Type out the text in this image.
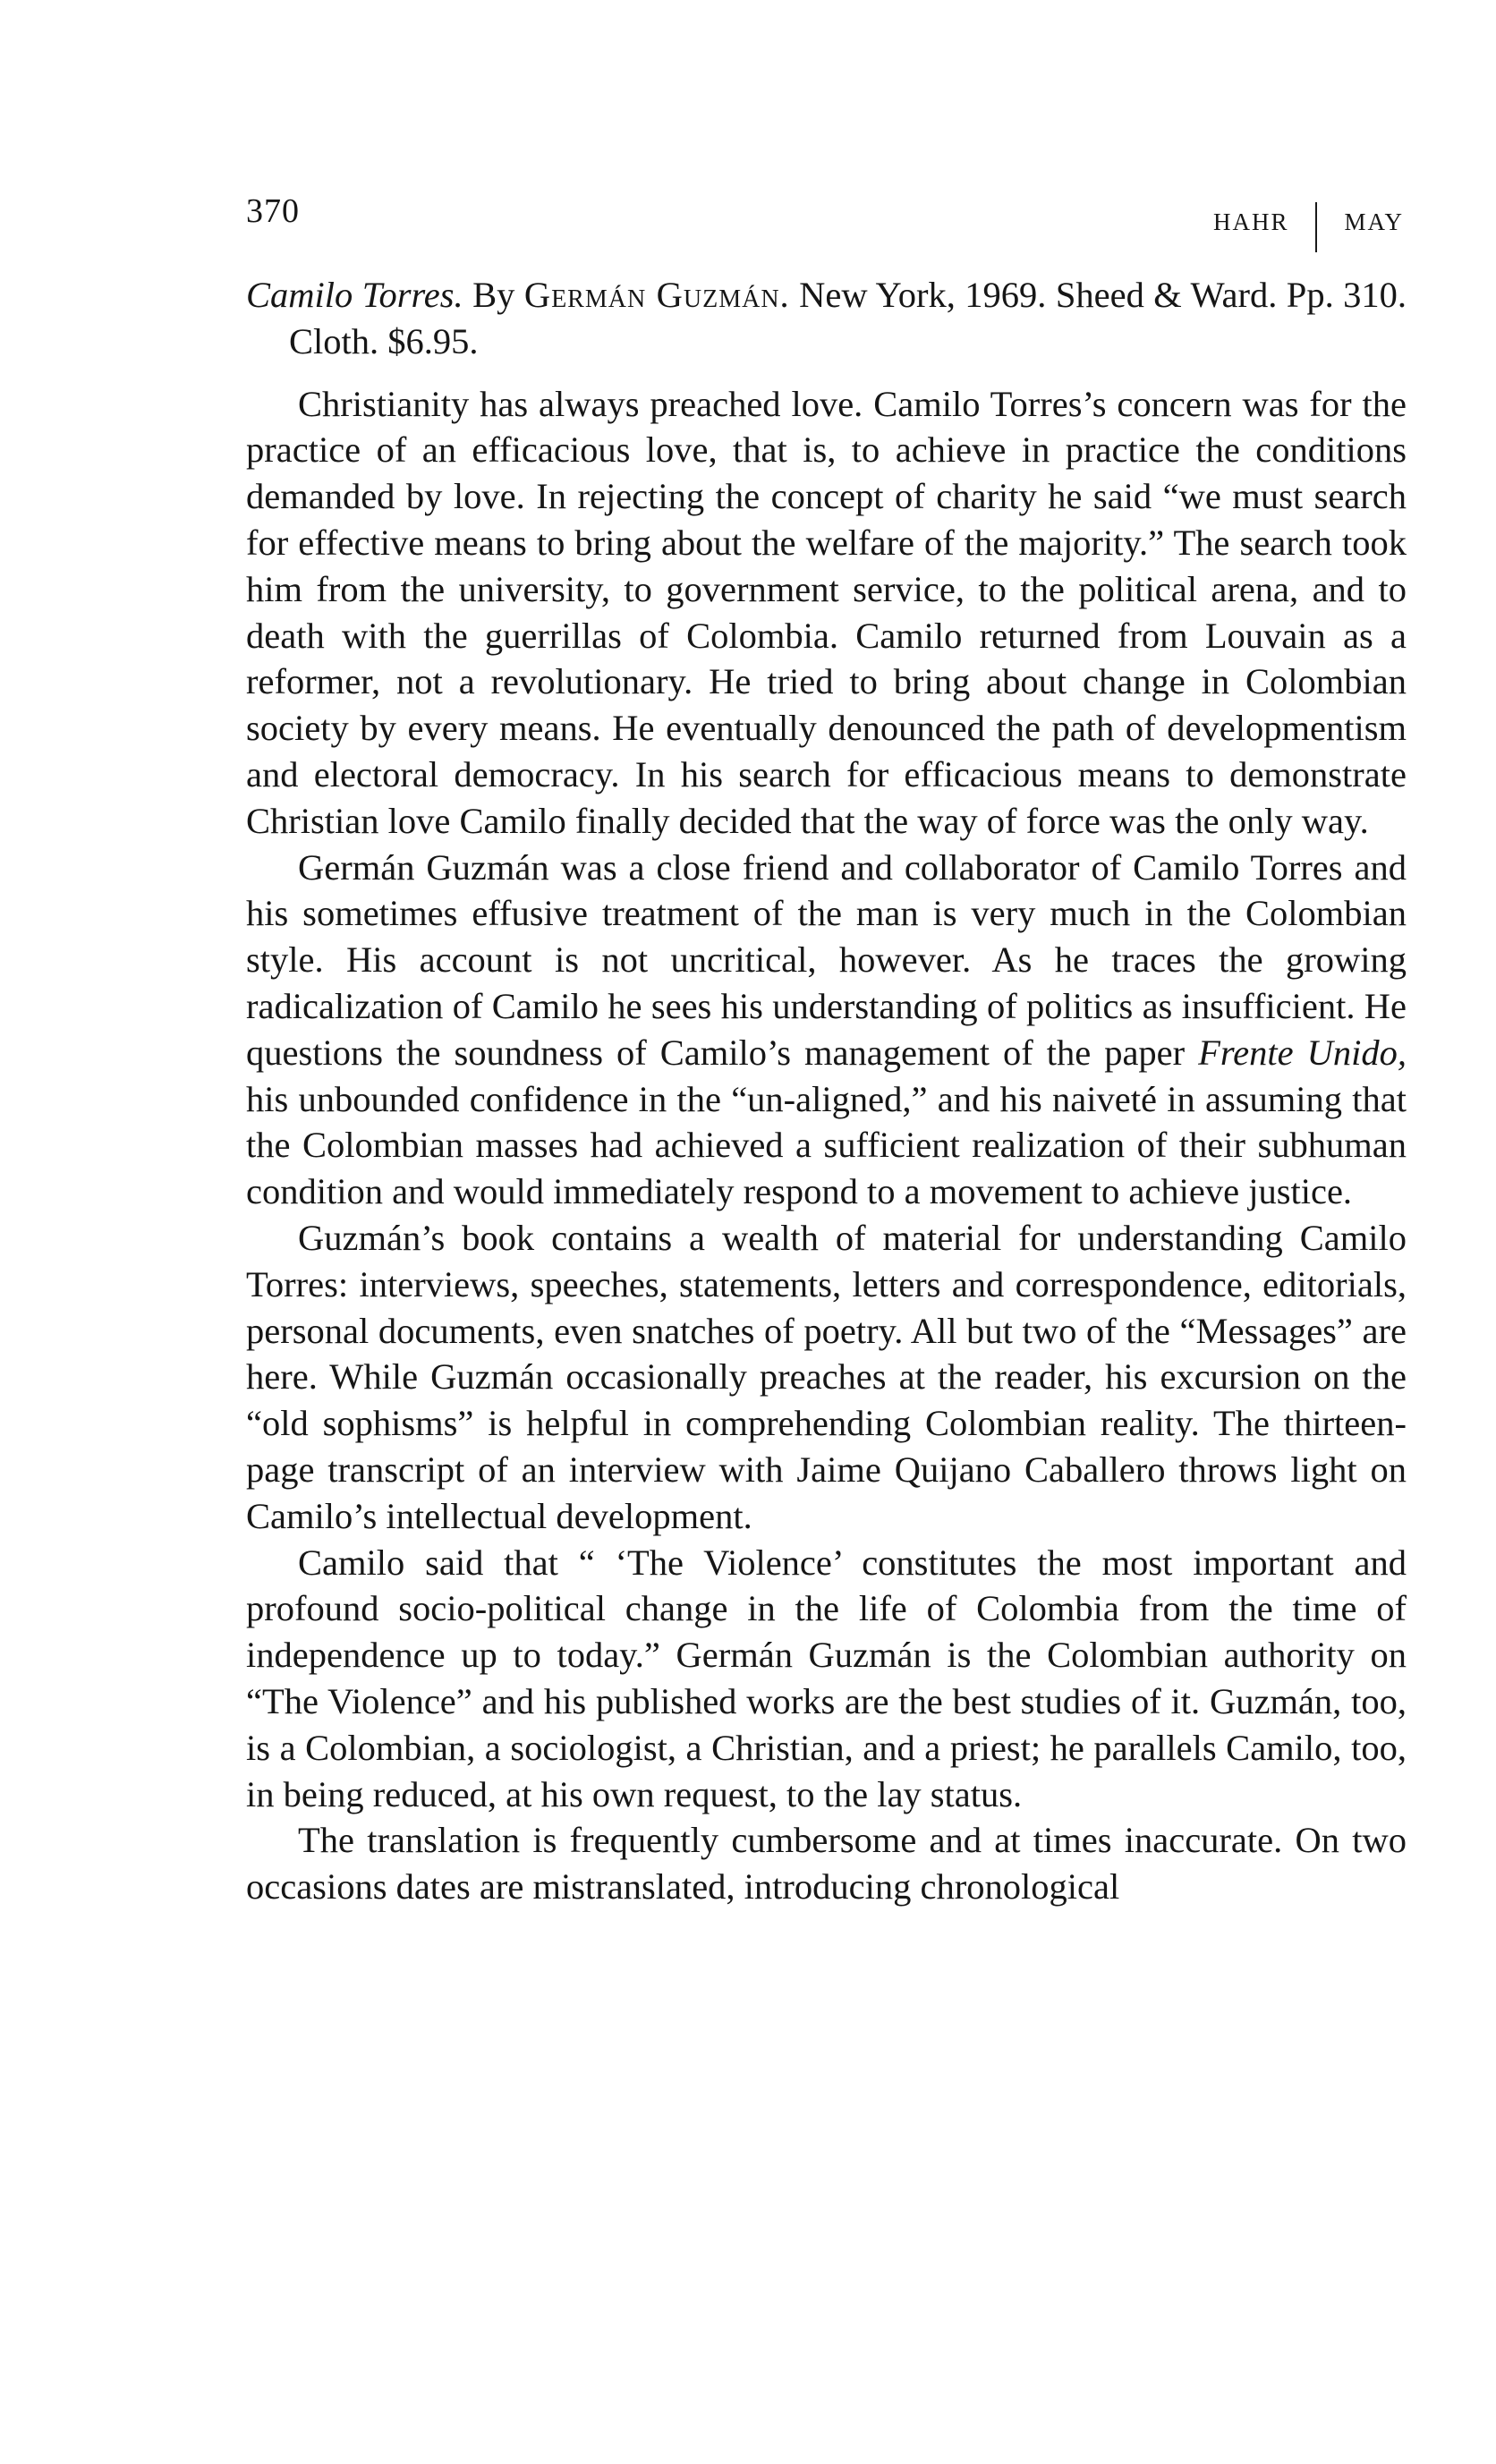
370	HAHR MAY

Camilo Torres. By Germán Guzmán. New York, 1969. Sheed & Ward. Pp. 310. Cloth. $6.95.

Christianity has always preached love. Camilo Torres’s concern was for the practice of an efficacious love, that is, to achieve in practice the conditions demanded by love. In rejecting the concept of charity he said “we must search for effective means to bring about the welfare of the majority.” The search took him from the university, to government service, to the political arena, and to death with the guerrillas of Colombia. Camilo returned from Louvain as a reformer, not a revolutionary. He tried to bring about change in Colombian society by every means. He eventually denounced the path of developmentism and electoral democracy. In his search for efficacious means to demonstrate Christian love Camilo finally decided that the way of force was the only way.

Germán Guzmán was a close friend and collaborator of Camilo Torres and his sometimes effusive treatment of the man is very much in the Colombian style. His account is not uncritical, however. As he traces the growing radicalization of Camilo he sees his understanding of politics as insufficient. He questions the soundness of Camilo’s management of the paper Frente Unido, his unbounded confidence in the “un-aligned,” and his naiveté in assuming that the Colombian masses had achieved a sufficient realization of their subhuman condition and would immediately respond to a movement to achieve justice.

Guzmán’s book contains a wealth of material for understanding Camilo Torres: interviews, speeches, statements, letters and correspondence, editorials, personal documents, even snatches of poetry. All but two of the “Messages” are here. While Guzmán occasionally preaches at the reader, his excursion on the “old sophisms” is helpful in comprehending Colombian reality. The thirteen-page transcript of an interview with Jaime Quijano Caballero throws light on Camilo’s intellectual development.

Camilo said that “ ‘The Violence’ constitutes the most important and profound socio-political change in the life of Colombia from the time of independence up to today.” Germán Guzmán is the Colombian authority on “The Violence” and his published works are the best studies of it. Guzmán, too, is a Colombian, a sociologist, a Christian, and a priest; he parallels Camilo, too, in being reduced, at his own request, to the lay status.

The translation is frequently cumbersome and at times inaccurate. On two occasions dates are mistranslated, introducing chronological
